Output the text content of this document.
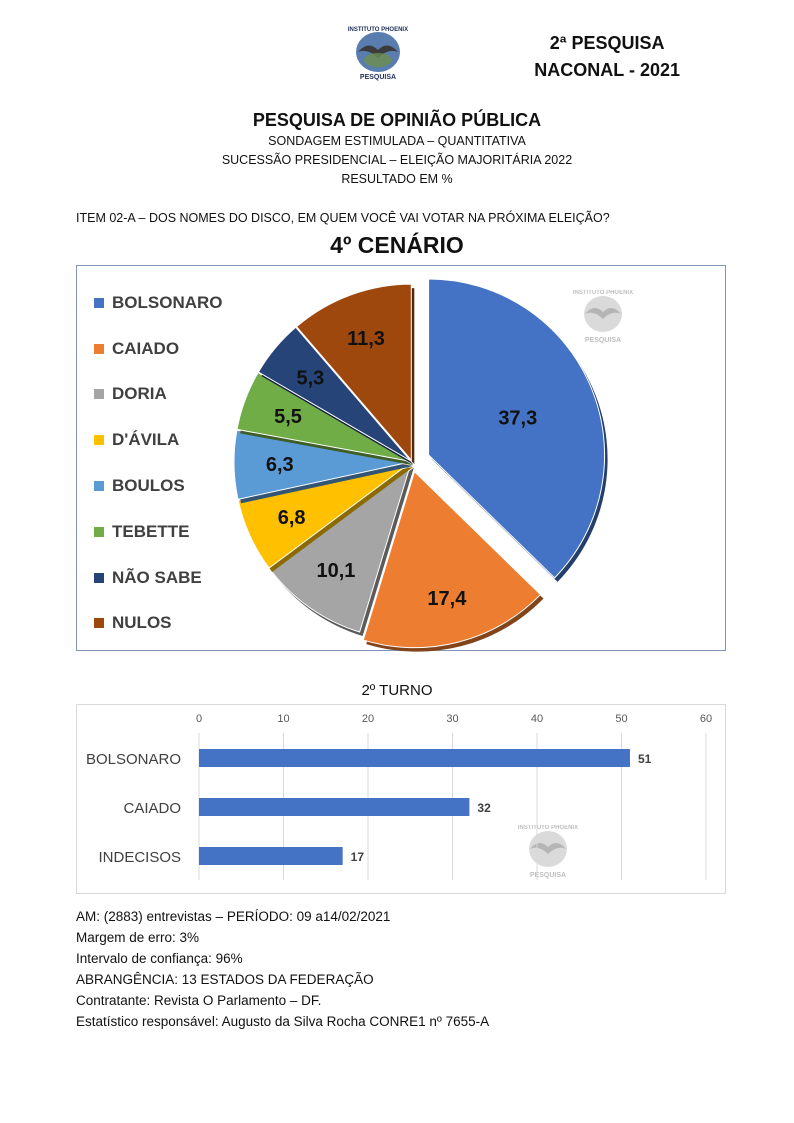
INSTITUTO PHOENIX
PESQUISA
2ª PESQUISA
NACONAL - 2021
PESQUISA DE OPINIÃO PÚBLICA
SONDAGEM ESTIMULADA – QUANTITATIVA
SUCESSÃO PRESIDENCIAL – ELEIÇÃO MAJORITÁRIA 2022
RESULTADO EM %
ITEM 02-A – DOS NOMES DO DISCO, EM QUEM VOCÊ VAI VOTAR NA PRÓXIMA ELEIÇÃO?
4º CENÁRIO
BOLSONARO
CAIADO
DORIA
D'ÁVILA
BOULOS
TEBETTE
NÃO SABE
NULOS
INSTITUTO PHOENIX
PESQUISA
37,3
17,4
10,1
6,8
6,3
5,5
5,3
11,3
2º TURNO
INSTITUTO PHOENIX
PESQUISA
0	10	20	30	40	50	60
BOLSONARO	51
CAIADO	32
INDECISOS	17
AM: (2883) entrevistas – PERÍODO: 09 a14/02/2021
Margem de erro: 3%
Intervalo de confiança: 96%
ABRANGÊNCIA: 13 ESTADOS DA FEDERAÇÃO
Contratante: Revista O Parlamento – DF.
Estatístico responsável: Augusto da Silva Rocha CONRE1 nº 7655-A
